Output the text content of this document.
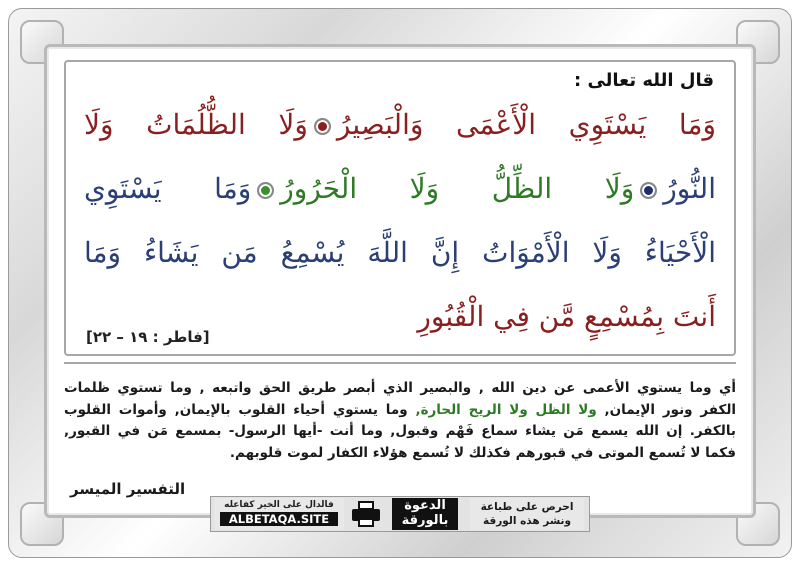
قال الله تعالى :
وَمَا يَسْتَوِي الْأَعْمَى وَالْبَصِيرُوَلَا الظُّلُمَاتُ وَلَا
النُّورُوَلَا الظِّلُّ وَلَا الْحَرُورُوَمَا يَسْتَوِي
الْأَحْيَاءُ وَلَا الْأَمْوَاتُ إِنَّ اللَّهَ يُسْمِعُ مَن يَشَاءُ وَمَا
أَنتَ بِمُسْمِعٍ مَّن فِي الْقُبُورِ
[فاطر : ١٩ – ٢٢]
أي وما يستوي الأعمى عن دين الله , والبصير الذي أبصر طريق الحق واتبعه , وما تستوي ظلمات
الكفر ونور الإيمان, ولا الظل ولا الريح الحارة, وما يستوي أحياء القلوب بالإيمان, وأموات القلوب
بالكفر. إن الله يسمع مَن يشاء سماع فَهْم وقبول, وما أنت -أيها الرسول- بمسمع مَن في القبور,
فكما لا تُسمع الموتى في قبورهم فكذلك لا تُسمع هؤلاء الكفار لموت قلوبهم.
التفسير الميسر
فالدال على الخير كفاعله
ALBETAQA.SITE
الدعوة
بالورقة
احرص على طباعة
ونشر هذه الورقة
